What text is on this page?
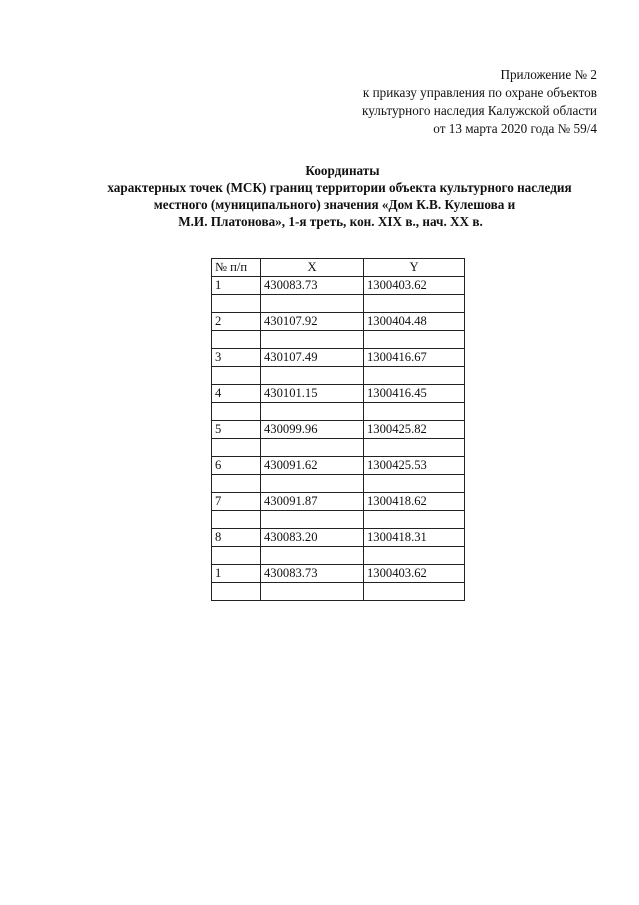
Приложение № 2
к приказу управления по охране объектов
культурного наследия Калужской области
от 13 марта 2020 года № 59/4
Координаты
характерных точек (МСК) границ территории объекта культурного наследия
местного (муниципального) значения «Дом К.В. Кулешова и
М.И. Платонова», 1-я треть, кон. XIX в., нач. XX в.
№ п/п	X	Y
1	430083.73	1300403.62

2	430107.92	1300404.48

3	430107.49	1300416.67

4	430101.15	1300416.45

5	430099.96	1300425.82

6	430091.62	1300425.53

7	430091.87	1300418.62

8	430083.20	1300418.31

1	430083.73	1300403.62
